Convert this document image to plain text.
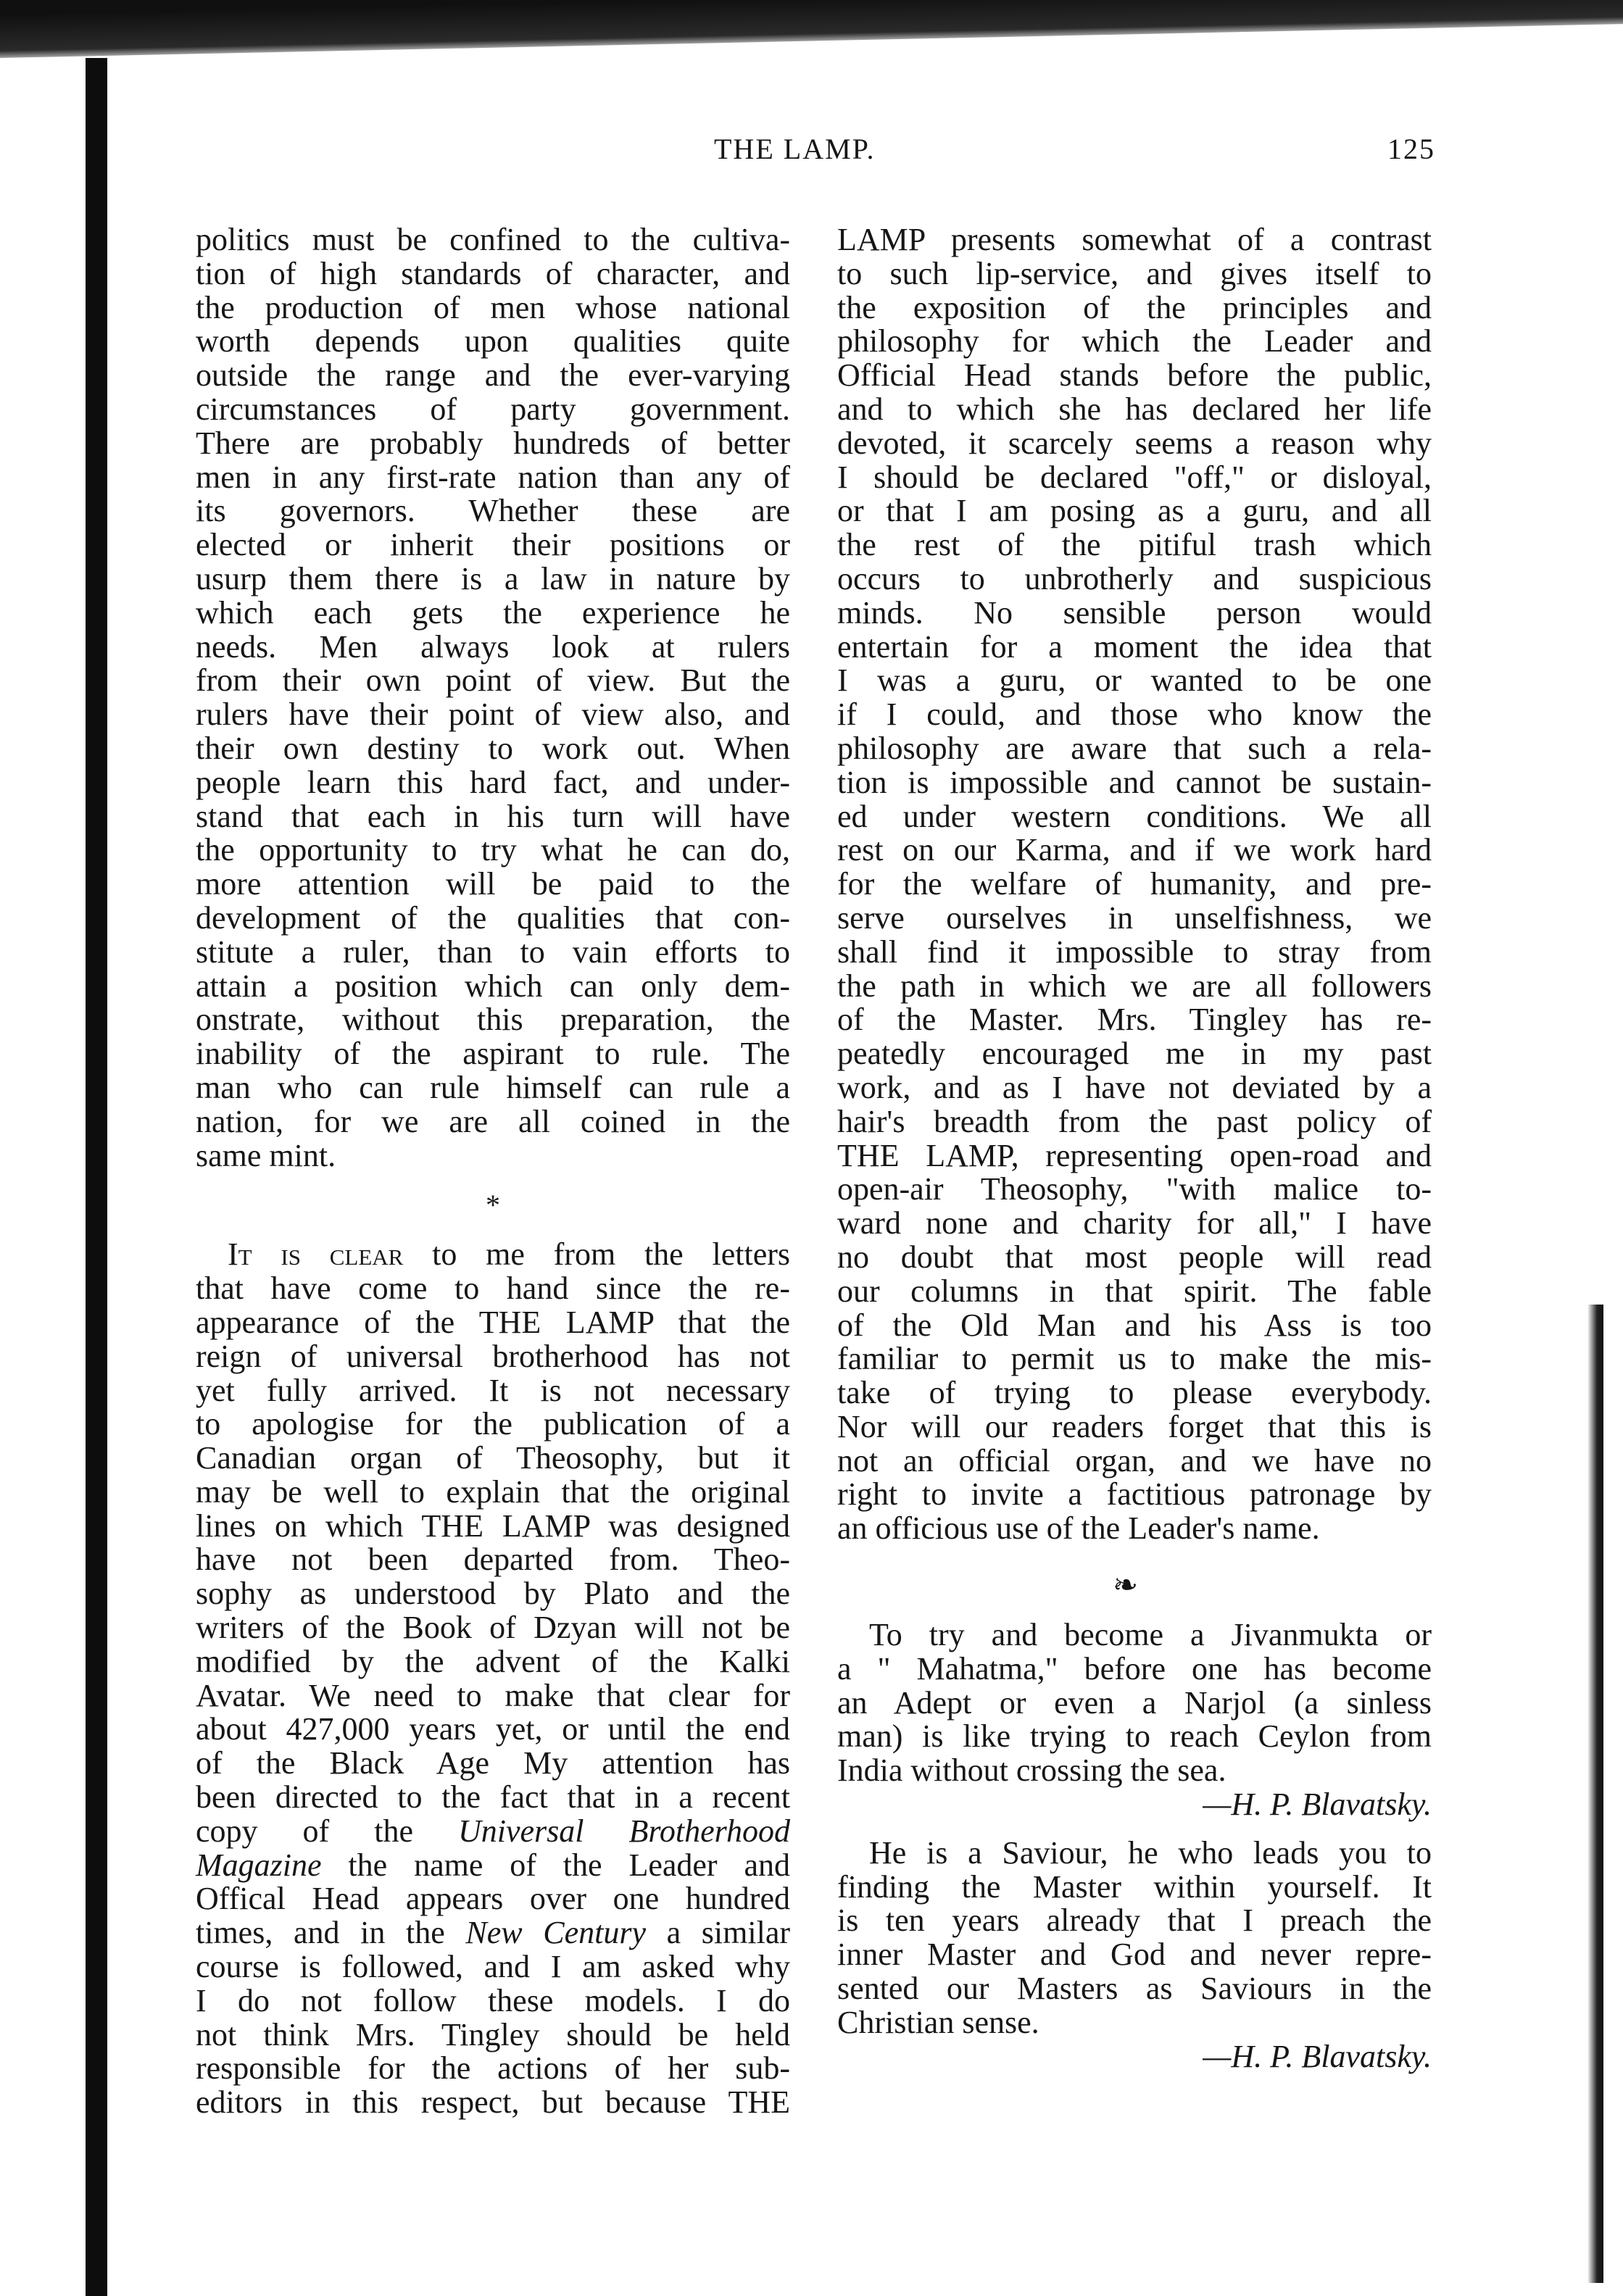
THE LAMP.	125
politics must be confined to the cultiva-
tion of high standards of character, and
the production of men whose national
worth depends upon qualities quite
outside the range and the ever-varying
circumstances of party government.
There are probably hundreds of better
men in any first-rate nation than any of
its governors. Whether these are
elected or inherit their positions or
usurp them there is a law in nature by
which each gets the experience he
needs. Men always look at rulers
from their own point of view. But the
rulers have their point of view also, and
their own destiny to work out. When
people learn this hard fact, and under-
stand that each in his turn will have
the opportunity to try what he can do,
more attention will be paid to the
development of the qualities that con-
stitute a ruler, than to vain efforts to
attain a position which can only dem-
onstrate, without this preparation, the
inability of the aspirant to rule. The
man who can rule himself can rule a
nation, for we are all coined in the
same mint.
*
It is clear to me from the letters
that have come to hand since the re-
appearance of the THE LAMP that the
reign of universal brotherhood has not
yet fully arrived. It is not necessary
to apologise for the publication of a
Canadian organ of Theosophy, but it
may be well to explain that the original
lines on which THE LAMP was designed
have not been departed from. Theo-
sophy as understood by Plato and the
writers of the Book of Dzyan will not be
modified by the advent of the Kalki
Avatar. We need to make that clear for
about 427,000 years yet, or until the end
of the Black Age My attention has
been directed to the fact that in a recent
copy of the Universal Brotherhood
Magazine the name of the Leader and
Offical Head appears over one hundred
times, and in the New Century a similar
course is followed, and I am asked why
I do not follow these models. I do
not think Mrs. Tingley should be held
responsible for the actions of her sub-
editors in this respect, but because THE
LAMP presents somewhat of a contrast
to such lip-service, and gives itself to
the exposition of the principles and
philosophy for which the Leader and
Official Head stands before the public,
and to which she has declared her life
devoted, it scarcely seems a reason why
I should be declared "off," or disloyal,
or that I am posing as a guru, and all
the rest of the pitiful trash which
occurs to unbrotherly and suspicious
minds. No sensible person would
entertain for a moment the idea that
I was a guru, or wanted to be one
if I could, and those who know the
philosophy are aware that such a rela-
tion is impossible and cannot be sustain-
ed under western conditions. We all
rest on our Karma, and if we work hard
for the welfare of humanity, and pre-
serve ourselves in unselfishness, we
shall find it impossible to stray from
the path in which we are all followers
of the Master. Mrs. Tingley has re-
peatedly encouraged me in my past
work, and as I have not deviated by a
hair's breadth from the past policy of
THE LAMP, representing open-road and
open-air Theosophy, "with malice to-
ward none and charity for all," I have
no doubt that most people will read
our columns in that spirit. The fable
of the Old Man and his Ass is too
familiar to permit us to make the mis-
take of trying to please everybody.
Nor will our readers forget that this is
not an official organ, and we have no
right to invite a factitious patronage by
an officious use of the Leader's name.
❧
To try and become a Jivanmukta or
a " Mahatma," before one has become
an Adept or even a Narjol (a sinless
man) is like trying to reach Ceylon from
India without crossing the sea.
—H. P. Blavatsky.
He is a Saviour, he who leads you to
finding the Master within yourself. It
is ten years already that I preach the
inner Master and God and never repre-
sented our Masters as Saviours in the
Christian sense.
—H. P. Blavatsky.
